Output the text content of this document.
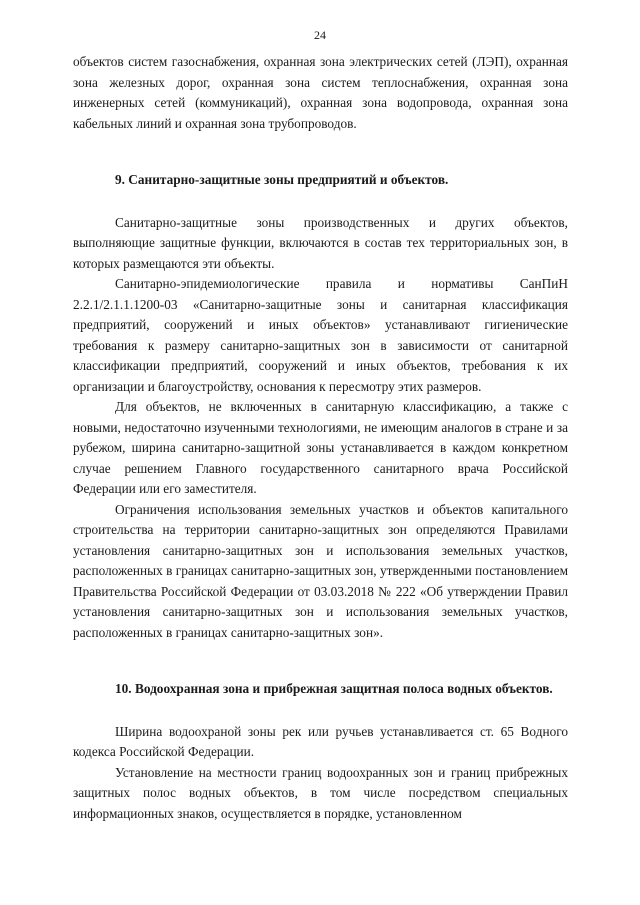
24

объектов систем газоснабжения, охранная зона электрических сетей (ЛЭП), охранная зона железных дорог, охранная зона систем теплоснабжения, охранная зона инженерных сетей (коммуникаций), охранная зона водопровода, охранная зона кабельных линий и охранная зона трубопроводов.

9. Санитарно-защитные зоны предприятий и объектов.

Санитарно-защитные зоны производственных и других объектов, выполняющие защитные функции, включаются в состав тех территориальных зон, в которых размещаются эти объекты.

Санитарно-эпидемиологические правила и нормативы СанПиН 2.2.1/2.1.1.1200-03 «Санитарно-защитные зоны и санитарная классификация предприятий, сооружений и иных объектов» устанавливают гигиенические требования к размеру санитарно-защитных зон в зависимости от санитарной классификации предприятий, сооружений и иных объектов, требования к их организации и благоустройству, основания к пересмотру этих размеров.

Для объектов, не включенных в санитарную классификацию, а также с новыми, недостаточно изученными технологиями, не имеющим аналогов в стране и за рубежом, ширина санитарно-защитной зоны устанавливается в каждом конкретном случае решением Главного государственного санитарного врача Российской Федерации или его заместителя.

Ограничения использования земельных участков и объектов капитального строительства на территории санитарно-защитных зон определяются Правилами установления санитарно-защитных зон и использования земельных участков, расположенных в границах санитарно-защитных зон, утвержденными постановлением Правительства Российской Федерации от 03.03.2018 № 222 «Об утверждении Правил установления санитарно-защитных зон и использования земельных участков, расположенных в границах санитарно-защитных зон».

10. Водоохранная зона и прибрежная защитная полоса водных объектов.

Ширина водоохраной зоны рек или ручьев устанавливается ст. 65 Водного кодекса Российской Федерации.

Установление на местности границ водоохранных зон и границ прибрежных защитных полос водных объектов, в том числе посредством специальных информационных знаков, осуществляется в порядке, установленном
